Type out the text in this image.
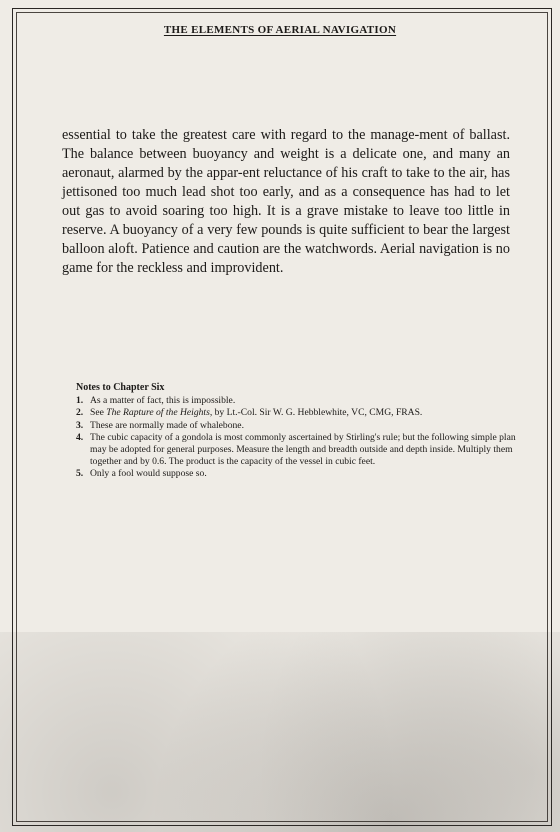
THE ELEMENTS OF AERIAL NAVIGATION

essential to take the greatest care with regard to the manage-ment of ballast. The balance between buoyancy and weight is a delicate one, and many an aeronaut, alarmed by the appar-ent reluctance of his craft to take to the air, has jettisoned too much lead shot too early, and as a consequence has had to let out gas to avoid soaring too high. It is a grave mistake to leave too little in reserve. A buoyancy of a very few pounds is quite sufficient to bear the largest balloon aloft. Patience and caution are the watchwords. Aerial navigation is no game for the reckless and improvident.

Notes to Chapter Six
1. As a matter of fact, this is impossible.
2. See The Rapture of the Heights, by Lt.-Col. Sir W. G. Hebblewhite, VC, CMG, FRAS.
3. These are normally made of whalebone.
4. The cubic capacity of a gondola is most commonly ascertained by Stirling's rule; but the following simple plan may be adopted for general purposes. Measure the length and breadth outside and depth inside. Multiply them together and by 0.6. The product is the capacity of the vessel in cubic feet.
5. Only a fool would suppose so.
